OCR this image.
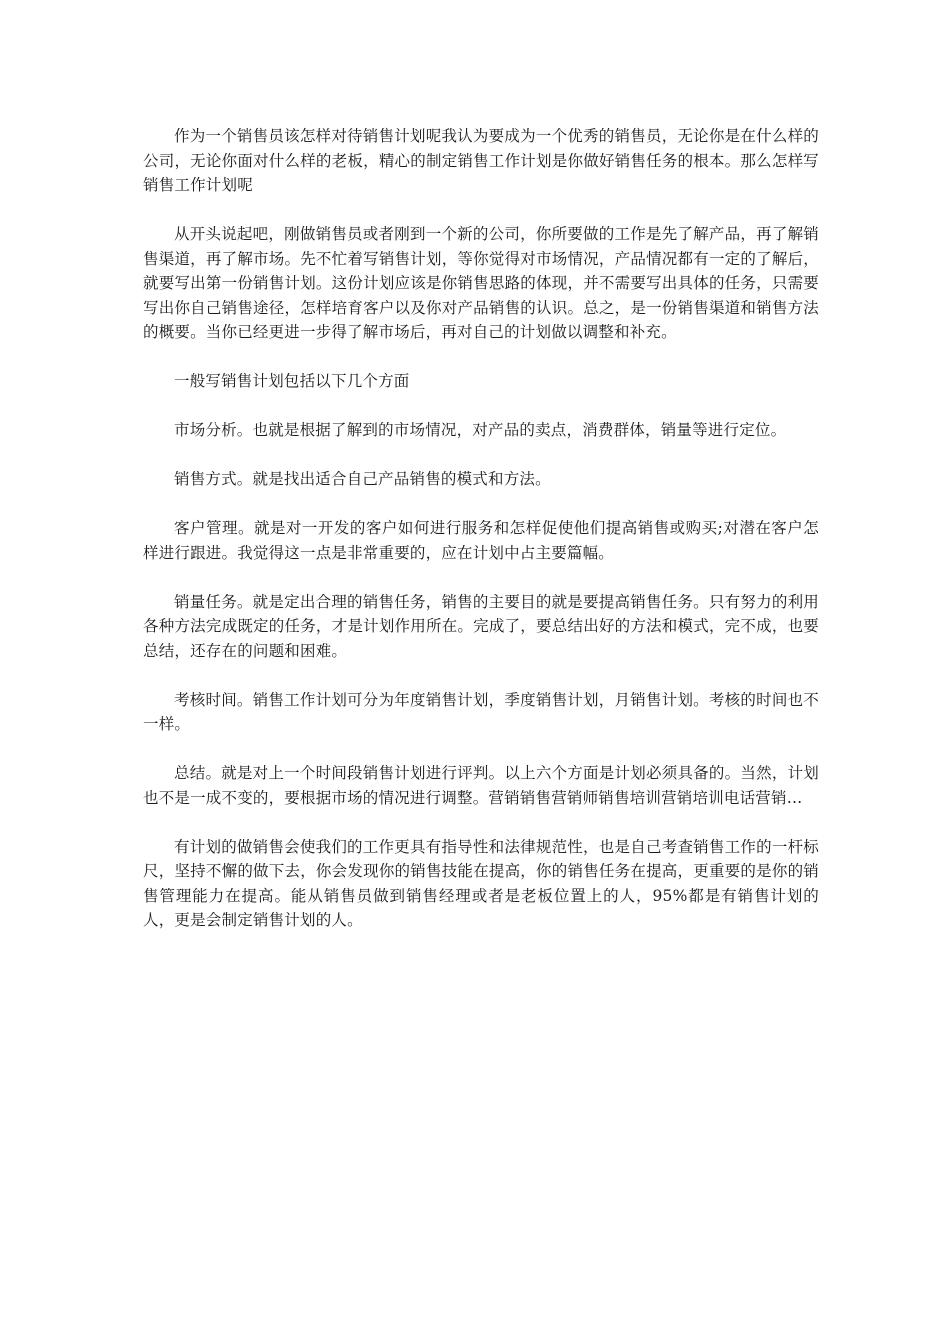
作为一个销售员该怎样对待销售计划呢我认为要成为一个优秀的销售员，无论你是在什么样的公司，无论你面对什么样的老板，精心的制定销售工作计划是你做好销售任务的根本。那么怎样写销售工作计划呢

从开头说起吧，刚做销售员或者刚到一个新的公司，你所要做的工作是先了解产品，再了解销售渠道，再了解市场。先不忙着写销售计划，等你觉得对市场情况，产品情况都有一定的了解后，就要写出第一份销售计划。这份计划应该是你销售思路的体现，并不需要写出具体的任务，只需要写出你自己销售途径，怎样培育客户以及你对产品销售的认识。总之，是一份销售渠道和销售方法的概要。当你已经更进一步得了解市场后，再对自己的计划做以调整和补充。

一般写销售计划包括以下几个方面

市场分析。也就是根据了解到的市场情况，对产品的卖点，消费群体，销量等进行定位。

销售方式。就是找出适合自己产品销售的模式和方法。

客户管理。就是对一开发的客户如何进行服务和怎样促使他们提高销售或购买;对潜在客户怎样进行跟进。我觉得这一点是非常重要的，应在计划中占主要篇幅。

销量任务。就是定出合理的销售任务，销售的主要目的就是要提高销售任务。只有努力的利用各种方法完成既定的任务，才是计划作用所在。完成了，要总结出好的方法和模式，完不成，也要总结，还存在的问题和困难。

考核时间。销售工作计划可分为年度销售计划，季度销售计划，月销售计划。考核的时间也不 一样。

总结。就是对上一个时间段销售计划进行评判。以上六个方面是计划必须具备的。当然，计划也不是一成不变的，要根据市场的情况进行调整。营销销售营销师销售培训营销培训电话营销…

有计划的做销售会使我们的工作更具有指导性和法律规范性，也是自己考查销售工作的一杆标尺，坚持不懈的做下去，你会发现你的销售技能在提高，你的销售任务在提高，更重要的是你的销售管理能力在提高。能从销售员做到销售经理或者是老板位置上的人，95%都是有销售计划的人，更是会制定销售计划的人。
